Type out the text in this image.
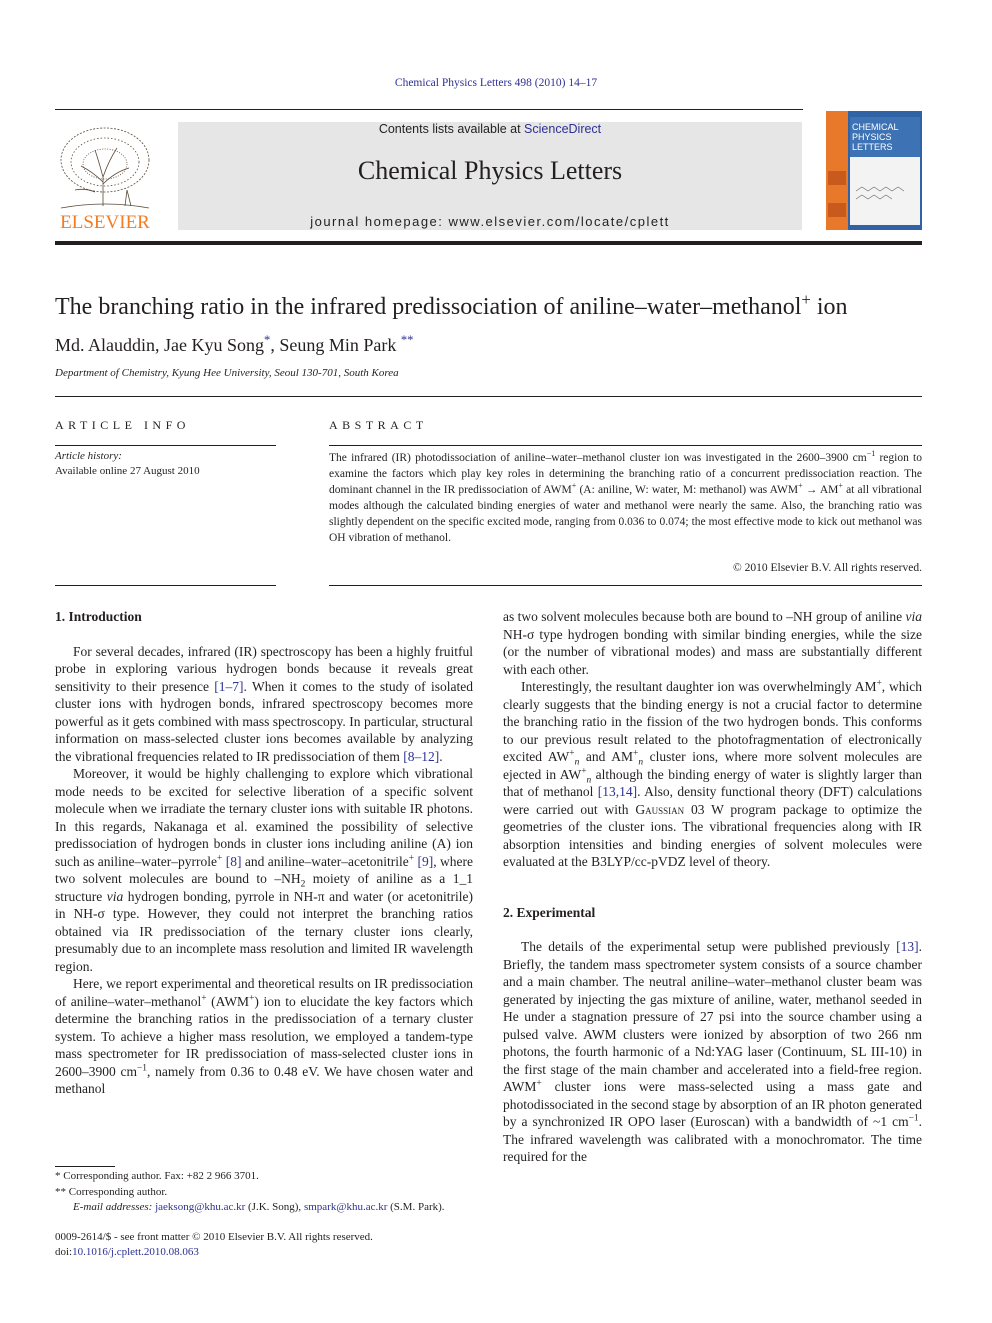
Chemical Physics Letters 498 (2010) 14–17
ELSEVIER
Contents lists available at ScienceDirect
Chemical Physics Letters
journal homepage: www.elsevier.com/locate/cplett
CHEMICAL
PHYSICS
LETTERS
The branching ratio in the infrared predissociation of aniline–water–methanol+ ion
Md. Alauddin, Jae Kyu Song*, Seung Min Park **
Department of Chemistry, Kyung Hee University, Seoul 130-701, South Korea
ARTICLE INFO	ABSTRACT
Article history:
Available online 27 August 2010
The infrared (IR) photodissociation of aniline–water–methanol cluster ion was investigated in the 2600–3900 $cm^{-1}$ region to examine the factors which play key roles in determining the branching ratio of a concurrent predissociation reaction. The dominant channel in the IR predissociation of AWM+ (A: aniline, W: water, M: methanol) was AWM+ → AM+ at all vibrational modes although the calculated binding energies of water and methanol were nearly the same. Also, the branching ratio was slightly dependent on the specific excited mode, ranging from 0.036 to 0.074; the most effective mode to kick out methanol was OH vibration of methanol.
© 2010 Elsevier B.V. All rights reserved.
1. Introduction

For several decades, infrared (IR) spectroscopy has been a highly fruitful probe in exploring various hydrogen bonds because it reveals great sensitivity to their presence [1–7]. When it comes to the study of isolated cluster ions with hydrogen bonds, infrared spectroscopy becomes more powerful as it gets combined with mass spectroscopy. In particular, structural information on mass-selected cluster ions becomes available by analyzing the vibrational frequencies related to IR predissociation of them [8–12].

Moreover, it would be highly challenging to explore which vibrational mode needs to be excited for selective liberation of a specific solvent molecule when we irradiate the ternary cluster ions with suitable IR photons. In this regards, Nakanaga et al. examined the possibility of selective predissociation of hydrogen bonds in cluster ions including aniline (A) ion such as aniline–water–pyrrole+ [8] and aniline–water–acetonitrile+ [9], where two solvent molecules are bound to $-NH_2$ moiety of aniline as a 1_1 structure via hydrogen bonding, pyrrole in NH-π and water (or acetonitrile) in NH-σ type. However, they could not interpret the branching ratios obtained via IR predissociation of the ternary cluster ions clearly, presumably due to an incomplete mass resolution and limited IR wavelength region.

Here, we report experimental and theoretical results on IR predissociation of aniline–water–methanol+ (AWM+) ion to elucidate the key factors which determine the branching ratios in the predissociation of a ternary cluster system. To achieve a higher mass resolution, we employed a tandem-type mass spectrometer for IR predissociation of mass-selected cluster ions in 2600–3900 $cm^{-1}$, namely from 0.36 to 0.48 eV. We have chosen water and methanol

as two solvent molecules because both are bound to –NH group of aniline via NH-σ type hydrogen bonding with similar binding energies, while the size (or the number of vibrational modes) and mass are substantially different with each other.

Interestingly, the resultant daughter ion was overwhelmingly AM+, which clearly suggests that the binding energy is not a crucial factor to determine the branching ratio in the fission of the two hydrogen bonds. This conforms to our previous result related to the photofragmentation of electronically excited $AW^+_n$ and $AM^+_n$ cluster ions, where more solvent molecules are ejected in $AW^+_n$ although the binding energy of water is slightly larger than that of methanol [13,14]. Also, density functional theory (DFT) calculations were carried out with Gaussian 03 W program package to optimize the geometries of the cluster ions. The vibrational frequencies along with IR absorption intensities and binding energies of solvent molecules were evaluated at the B3LYP/cc-pVDZ level of theory.

2. Experimental

The details of the experimental setup were published previously [13]. Briefly, the tandem mass spectrometer system consists of a source chamber and a main chamber. The neutral aniline–water–methanol cluster beam was generated by injecting the gas mixture of aniline, water, methanol seeded in He under a stagnation pressure of 27 psi into the source chamber using a pulsed valve. AWM clusters were ionized by absorption of two 266 nm photons, the fourth harmonic of a Nd:YAG laser (Continuum, SL III-10) in the first stage of the main chamber and accelerated into a field-free region. AWM+ cluster ions were mass-selected using a mass gate and photodissociated in the second stage by absorption of an IR photon generated by a synchronized IR OPO laser (Euroscan) with a bandwidth of ~1 $cm^{-1}$. The infrared wavelength was calibrated with a monochromator. The time required for the

* Corresponding author. Fax: +82 2 966 3701.
** Corresponding author.
E-mail addresses: jaeksong@khu.ac.kr (J.K. Song), smpark@khu.ac.kr (S.M. Park).
0009-2614/$ - see front matter © 2010 Elsevier B.V. All rights reserved.
doi:10.1016/j.cplett.2010.08.063
